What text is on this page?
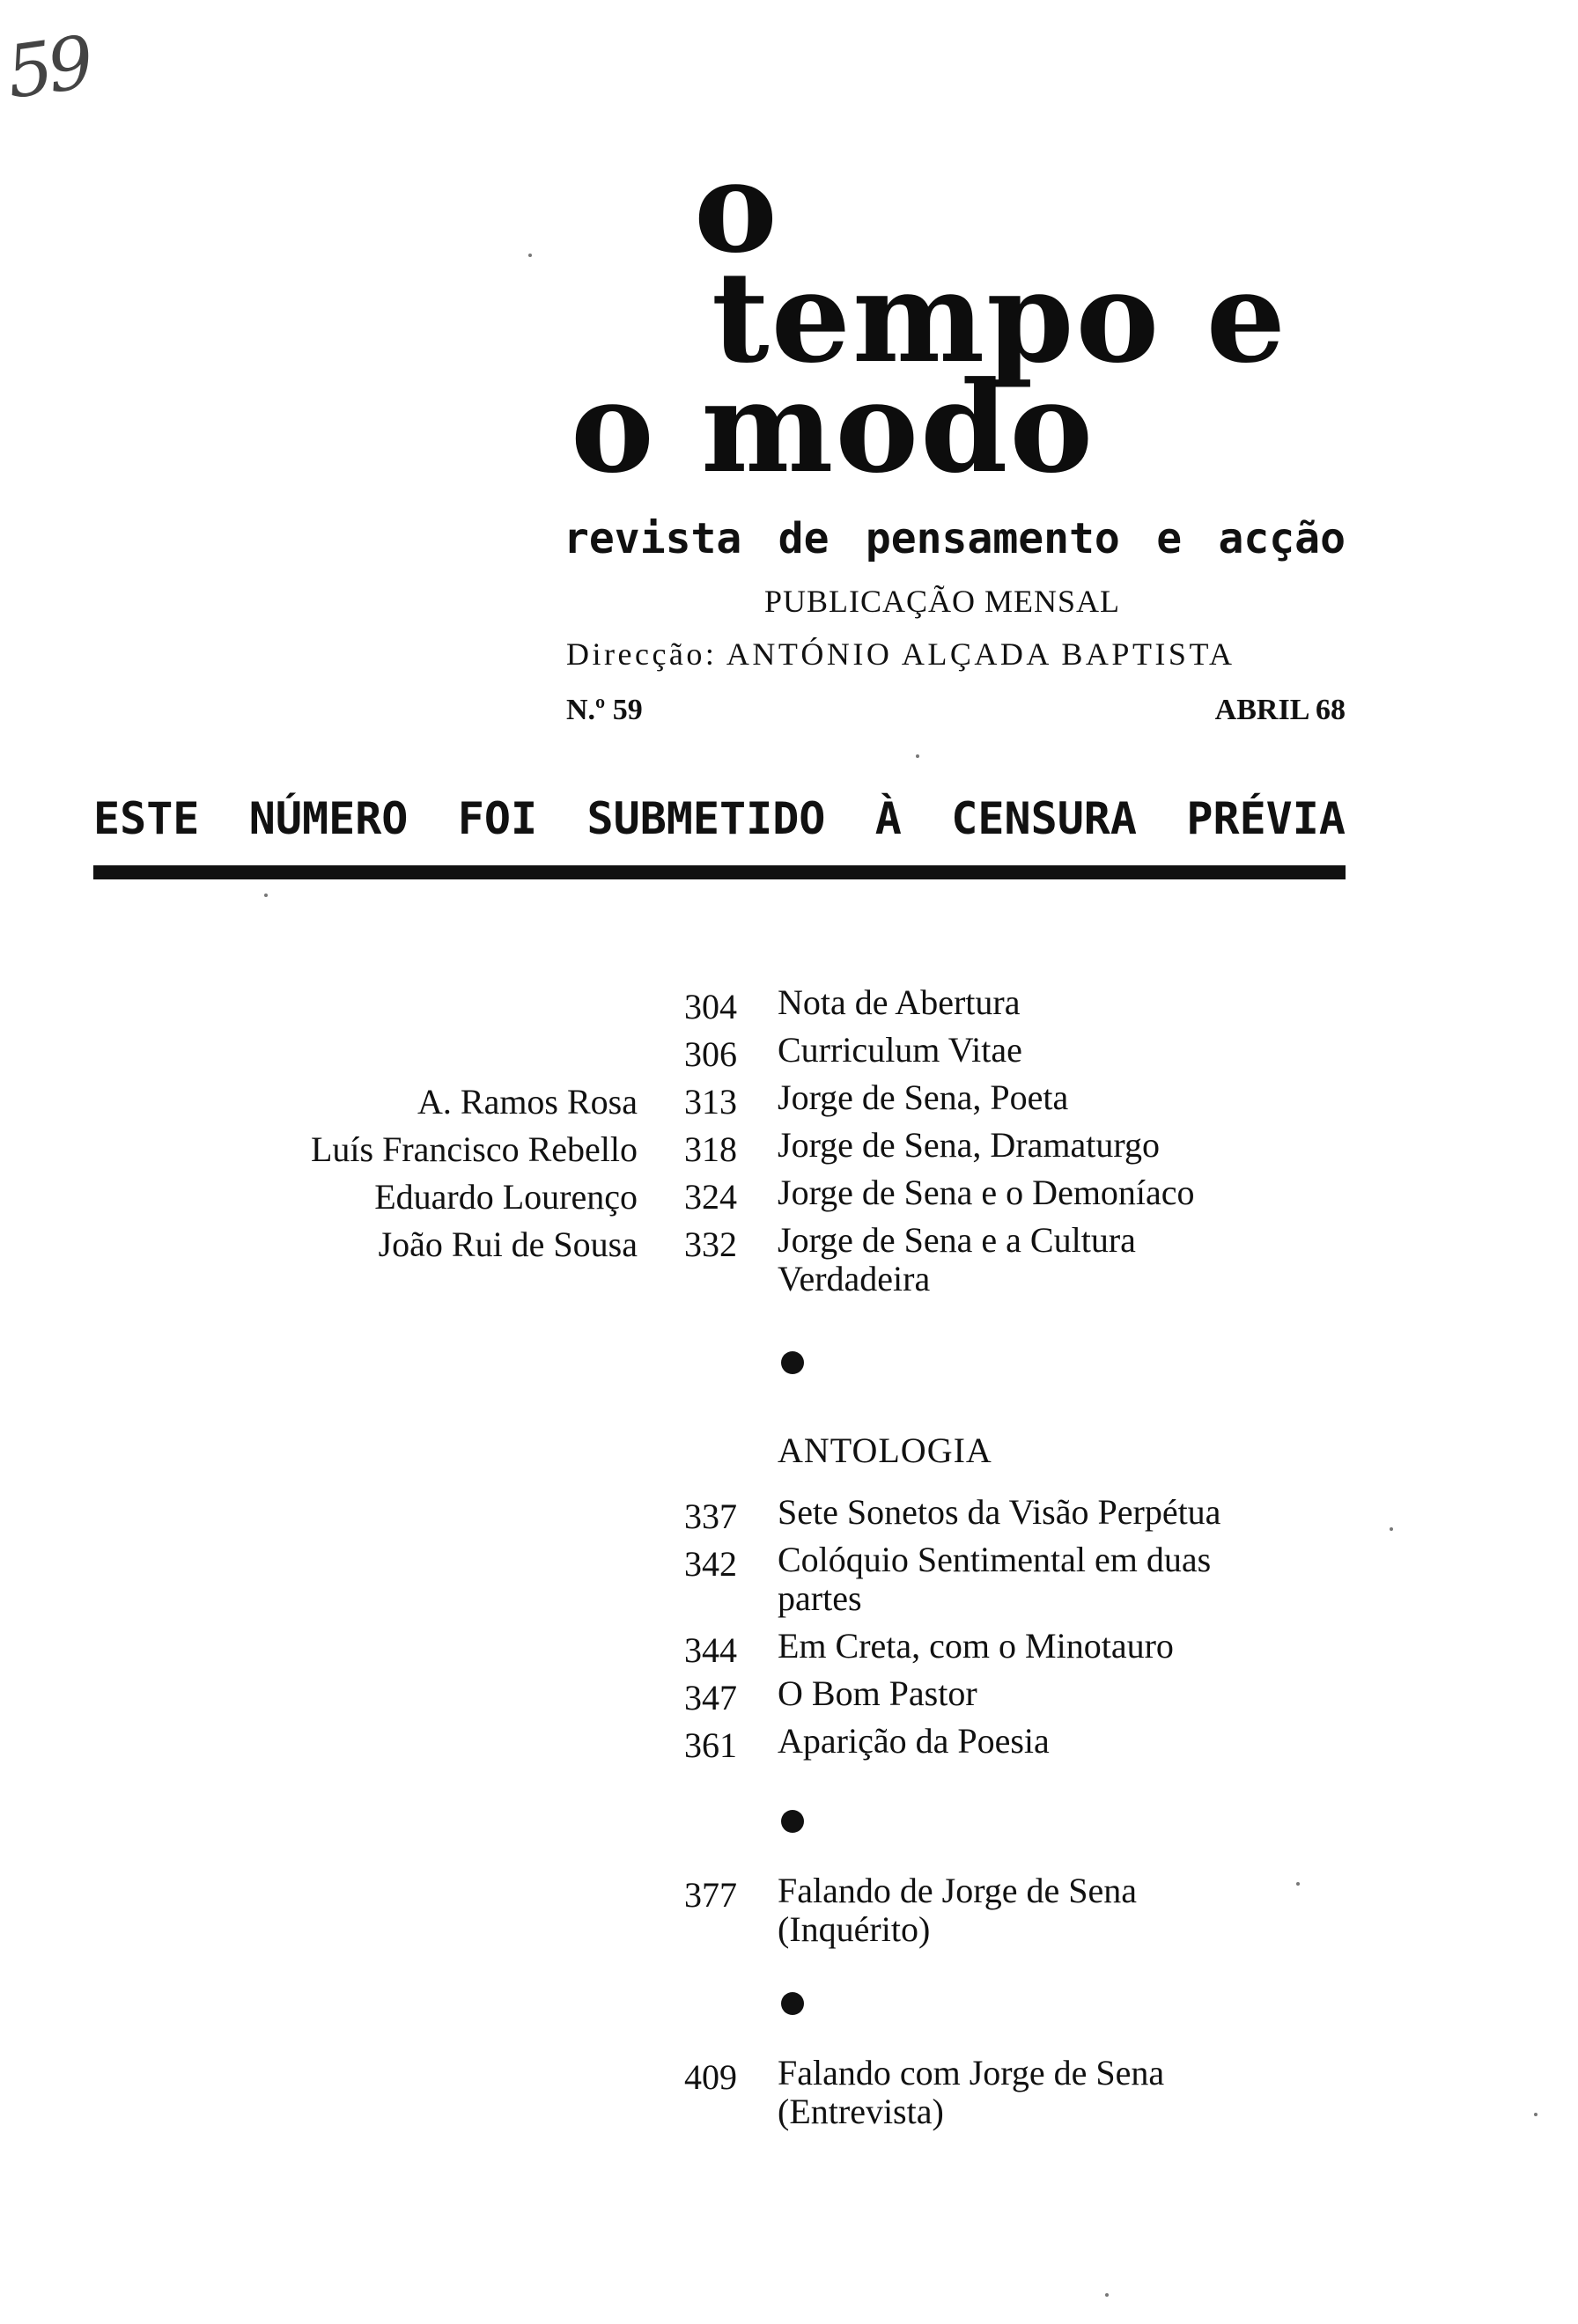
59
o
tempo e
o modo
revista de pensamento e acção
PUBLICAÇÃO MENSAL
Direcção: ANTÓNIO ALÇADA BAPTISTA
N.º 59	ABRIL 68
ESTE NÚMERO FOI SUBMETIDO À CENSURA PRÉVIA
304 Nota de Abertura
306 Curriculum Vitae
A. Ramos Rosa 313 Jorge de Sena, Poeta
Luís Francisco Rebello 318 Jorge de Sena, Dramaturgo
Eduardo Lourenço 324 Jorge de Sena e o Demoníaco
João Rui de Sousa 332 Jorge de Sena e a Cultura Verdadeira
ANTOLOGIA
337 Sete Sonetos da Visão Perpétua
342 Colóquio Sentimental em duas partes
344 Em Creta, com o Minotauro
347 O Bom Pastor
361 Aparição da Poesia
377 Falando de Jorge de Sena (Inquérito)
409 Falando com Jorge de Sena (Entrevista)
